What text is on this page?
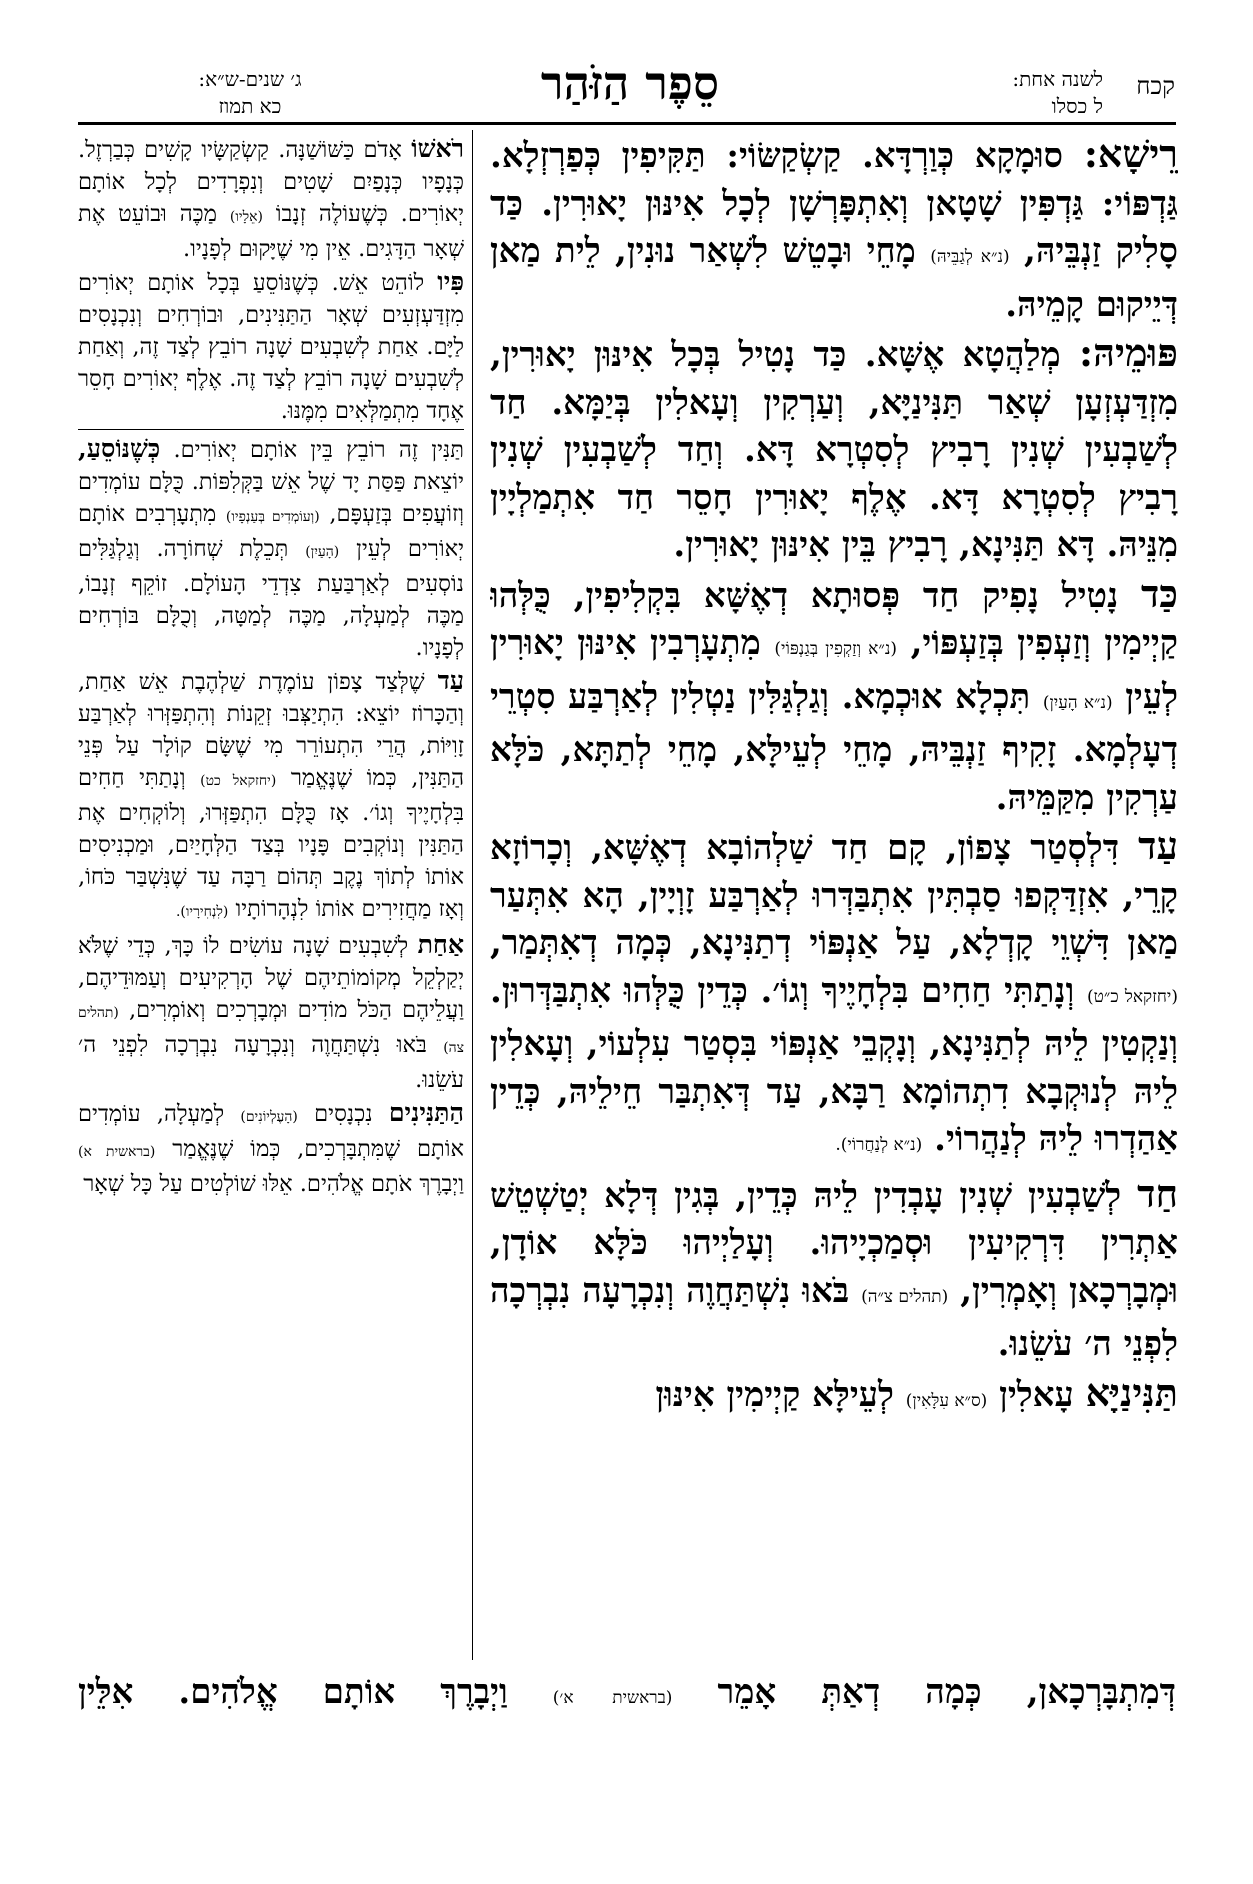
קכח
לשנה אחת:
ל כסלו
סֵפֶר הַזֹּהַר
ג׳ שנים-ש״א:
כא תמוז

רֵישָׁא: סוּמָקָא כְּוַרְדָּא. קַשְׂקַשּׂוֹי: תַּקִּיפִין כְּפַרְזְלָא. גַּדְפּוֹי: גַּדְפִּין שָׁטָאן וְאִתְפָּרְשָׁן לְכָל אִינּוּן יָאוּרִין. כַּד סָלִיק זַנְבֵּיהּ, (נ״א לְגַבֵּיהּ) מָחֵי וּבָטֵשׁ לִשְׁאַר נוּנִין, לֵית מַאן דְּיֵיקוּם קָמֵיהּ.

פּוּמֵיהּ: מְלַהֲטָא אֶשָּׁא. כַּד נָטִיל בְּכָל אִינּוּן יָאוּרִין, מִזְדַּעְזְעָן שְׁאַר תַּנִּינַיָּא, וְעַרְקִין וְעָאלִין בְּיַמָּא. חַד לְשַׁבְעִין שְׁנִין רָבִיץ לְסִטְרָא דָּא. וְחַד לְשַׁבְעִין שְׁנִין רָבִיץ לְסִטְרָא דָּא. אֶלֶף יָאוּרִין חָסֵר חַד אִתְמַלְיָין מִנֵּיהּ. דָּא תַּנִּינָא, רָבִיץ בֵּין אִינּוּן יָאוּרִין.

כַּד נָטִיל נָפִיק חַד פְּסוּתָא דְאֶשָּׁא בִּקְלִיפִין, כֻּלְּהוּ קַיְימִין וְזַעְפִין בְּזַעְפּוֹי, (נ״א וְזַקְפִין בְּגַנְפּוֹי) מִתְעָרְבִין אִינּוּן יָאוּרִין לְעֵין (נ״א הָעַיִן) תִּכְלָא אוּכְמָא. וְגַלְגַּלִּין נַטְלִין לְאַרְבַּע סִטְרֵי דְעָלְמָא. זָקִיף זַנְבֵּיהּ, מָחֵי לְעֵילָּא, מָחֵי לְתַתָּא, כֹּלָּא עַרְקִין מִקַּמֵּיהּ.

עַד דִּלְסְטַר צָפוֹן, קָם חַד שַׁלְהוֹבָא דְאֶשָּׁא, וְכָרוֹזָא קָרֵי, אִזְדַּקְפוּ סַבְתִּין אִתְבַּדְּרוּ לְאַרְבַּע זָוְיָין, הָא אִתְּעַר מַאן דִּשְׁוֵי קָדְלָא, עַל אַנְפּוֹי דְתַנִּינָא, כְּמָה דְאִתְּמַר, (יחזקאל כ״ט) וְנָתַתִּי חַחִים בִּלְחָיֶיךָ וְגוֹ׳. כְּדֵין כֻּלְּהוּ אִתְבַּדְּרוּן. וְנַקְטִין לֵיהּ לְתַנִּינָא, וְנָקְבֵי אַנְפּוֹי בִּסְטַר עִלְעוֹי, וְעָאלִין לֵיהּ לְנוּקְבָא דִתְהוֹמָא רַבָּא, עַד דְּאִתְבַּר חֵילֵיהּ, כְּדֵין אַהַדְרוּ לֵיהּ לְנַהֲרוֹי. (נ״א לְנַחֲרוֹי).

חַד לְשַׁבְעִין שְׁנִין עָבְדִין לֵיהּ כְּדֵין, בְּגִין דְּלָא יְטַשְׁטֵשׁ אַתְרִין דִּרְקִיעִין וּסְמַכְיָיהוּ. וְעָלַיְיהוּ כֹּלָּא אוֹדָן, וּמְבָרְכָאן וְאָמְרִין, (תהלים צ״ה) בֹּאוּ נִשְׁתַּחֲוֶה וְנִכְרָעָה נִבְרְכָה לִפְנֵי ה׳ עֹשֵׂנוּ.

תַּנִּינַיָּא עָאלִין (ס״א עִלָּאִין) לְעֵילָּא קַיְימִין אִינּוּן

רֹאשׁוֹ אָדֹם כַּשּׁוֹשַׁנָּה. קַשְׂקַשָּׂיו קָשִׁים כְּבַרְזֶל. כְּנָפָיו כְּנָפַיִם שָׁטִים וְנִפְרָדִים לְכָל אוֹתָם יְאוֹרִים. כְּשֶׁעוֹלֶה זְנָבוֹ (אֵלָיו) מַכֶּה וּבוֹעֵט אֶת שְׁאָר הַדָּגִים. אֵין מִי שֶׁיָּקוּם לְפָנָיו.

פִּיו לוֹהֵט אֵשׁ. כְּשֶׁנּוֹסֵעַ בְּכָל אוֹתָם יְאוֹרִים מִזְדַּעְזְעִים שְׁאָר הַתַּנִּינִים, וּבוֹרְחִים וְנִכְנָסִים לַיָּם. אַחַת לְשִׁבְעִים שָׁנָה רוֹבֵץ לְצַד זֶה, וְאַחַת לְשִׁבְעִים שָׁנָה רוֹבֵץ לְצַד זֶה. אֶלֶף יְאוֹרִים חָסֵר אֶחָד מִתְמַלְּאִים מִמֶּנּוּ.

תַּנִּין זֶה רוֹבֵץ בֵּין אוֹתָם יְאוֹרִים. כְּשֶׁנּוֹסֵעַ, יוֹצֵאת פַּסַּת יָד שֶׁל אֵשׁ בַּקְּלִפּוֹת. כֻּלָּם עוֹמְדִים וְזוֹעֲפִים בְּזַעְפָּם, (וְעוֹמְדִים בְּעַנְפָיו) מִתְעָרְבִים אוֹתָם יְאוֹרִים לְעֵין (הָעַיִן) תְּכֵלֶת שְׁחוֹרָה. וְגַלְגַּלִּים נוֹסְעִים לְאַרְבַּעַת צִדְדֵי הָעוֹלָם. זוֹקֵף זְנָבוֹ, מַכֶּה לְמַעְלָה, מַכֶּה לְמַטָּה, וְכֻלָּם בּוֹרְחִים לְפָנָיו.

עַד שֶׁלְּצַד צָפוֹן עוֹמֶדֶת שַׁלְהֶבֶת אֵשׁ אַחַת, וְהַכָּרוֹז יוֹצֵא: הִתְיַצְּבוּ זְקֵנוֹת וְהִתְפַּזְּרוּ לְאַרְבַּע זָוִיּוֹת, הֲרֵי הִתְעוֹרֵר מִי שֶׁשָּׂם קוֹלָר עַל פְּנֵי הַתַּנִּין, כְּמוֹ שֶׁנֶּאֱמַר (יחזקאל כט) וְנָתַתִּי חַחִים בִּלְחָיֶיךָ וְגוֹ׳. אָז כֻּלָּם הִתְפַּזְּרוּ, וְלוֹקְחִים אֶת הַתַּנִּין וְנוֹקְבִים פָּנָיו בְּצַד הַלְּחָיַיִם, וּמַכְנִיסִים אוֹתוֹ לְתוֹךְ נֶקֶב תְּהוֹם רַבָּה עַד שֶׁנִּשְׁבַּר כֹּחוֹ, וְאָז מַחֲזִירִים אוֹתוֹ לִנְהָרוֹתָיו (לִנְחִירָיו).

אַחַת לְשִׁבְעִים שָׁנָה עוֹשִׂים לוֹ כָּךְ, כְּדֵי שֶׁלֹּא יְקַלְקֵל מְקוֹמוֹתֵיהֶם שֶׁל הָרְקִיעִים וְעַמּוּדֵיהֶם, וַעֲלֵיהֶם הַכֹּל מוֹדִים וּמְבָרְכִים וְאוֹמְרִים, (תהלים צה) בֹּאוּ נִשְׁתַּחֲוֶה וְנִכְרָעָה נִבְרְכָה לִפְנֵי ה׳ עֹשֵׂנוּ.

הַתַּנִּינִים נִכְנָסִים (הָעֶלְיוֹנִים) לְמַעְלָה, עוֹמְדִים אוֹתָם שֶׁמִּתְבָּרְכִים, כְּמוֹ שֶׁנֶּאֱמַר (בראשית א) וַיְבָרֶךְ אֹתָם אֱלֹהִים. אֵלּוּ שׁוֹלְטִים עַל כָּל שְׁאָר

דְּמִתְבָּרְכָאן, כְּמָה דְאַתְּ אָמֵר (בראשית א׳) וַיְבָרֶךְ אוֹתָם אֱלֹהִים. אִלֵּין
